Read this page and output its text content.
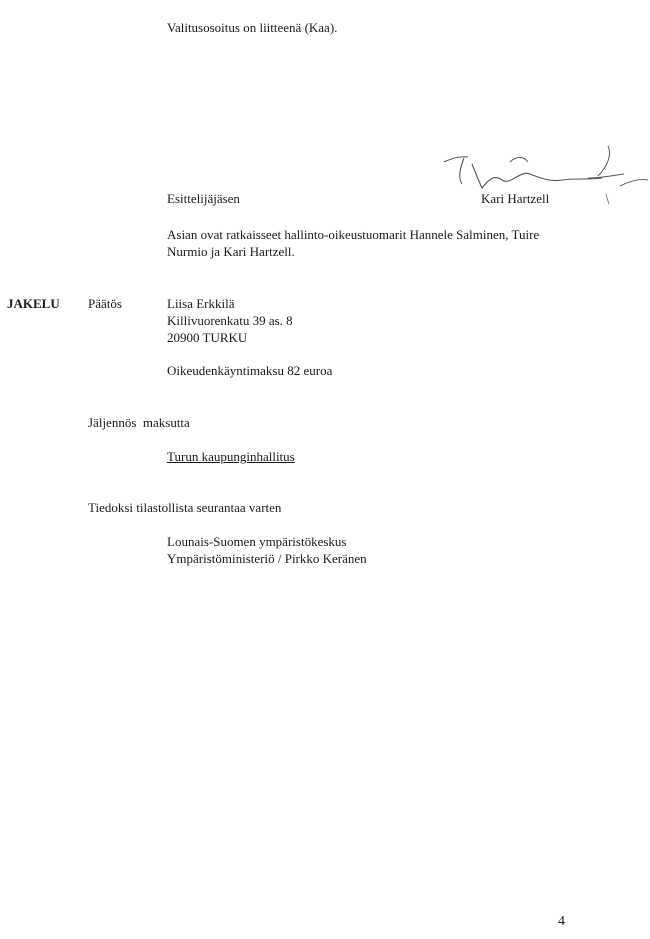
Valitusosoitus on liitteenä (Kaa).
Esittelijäjäsen	Kari Hartzell
Asian ovat ratkaisseet hallinto-oikeustuomarit Hannele Salminen, Tuire
Nurmio ja Kari Hartzell.
JAKELU Päätös	Liisa Erkkilä
Killivuorenkatu 39 as. 8
20900 TURKU
Oikeudenkäyntimaksu 82 euroa
Jäljennös  maksutta
Turun kaupunginhallitus
Tiedoksi tilastollista seurantaa varten
Lounais-Suomen ympäristökeskus
Ympäristöministeriö / Pirkko Keränen
4
